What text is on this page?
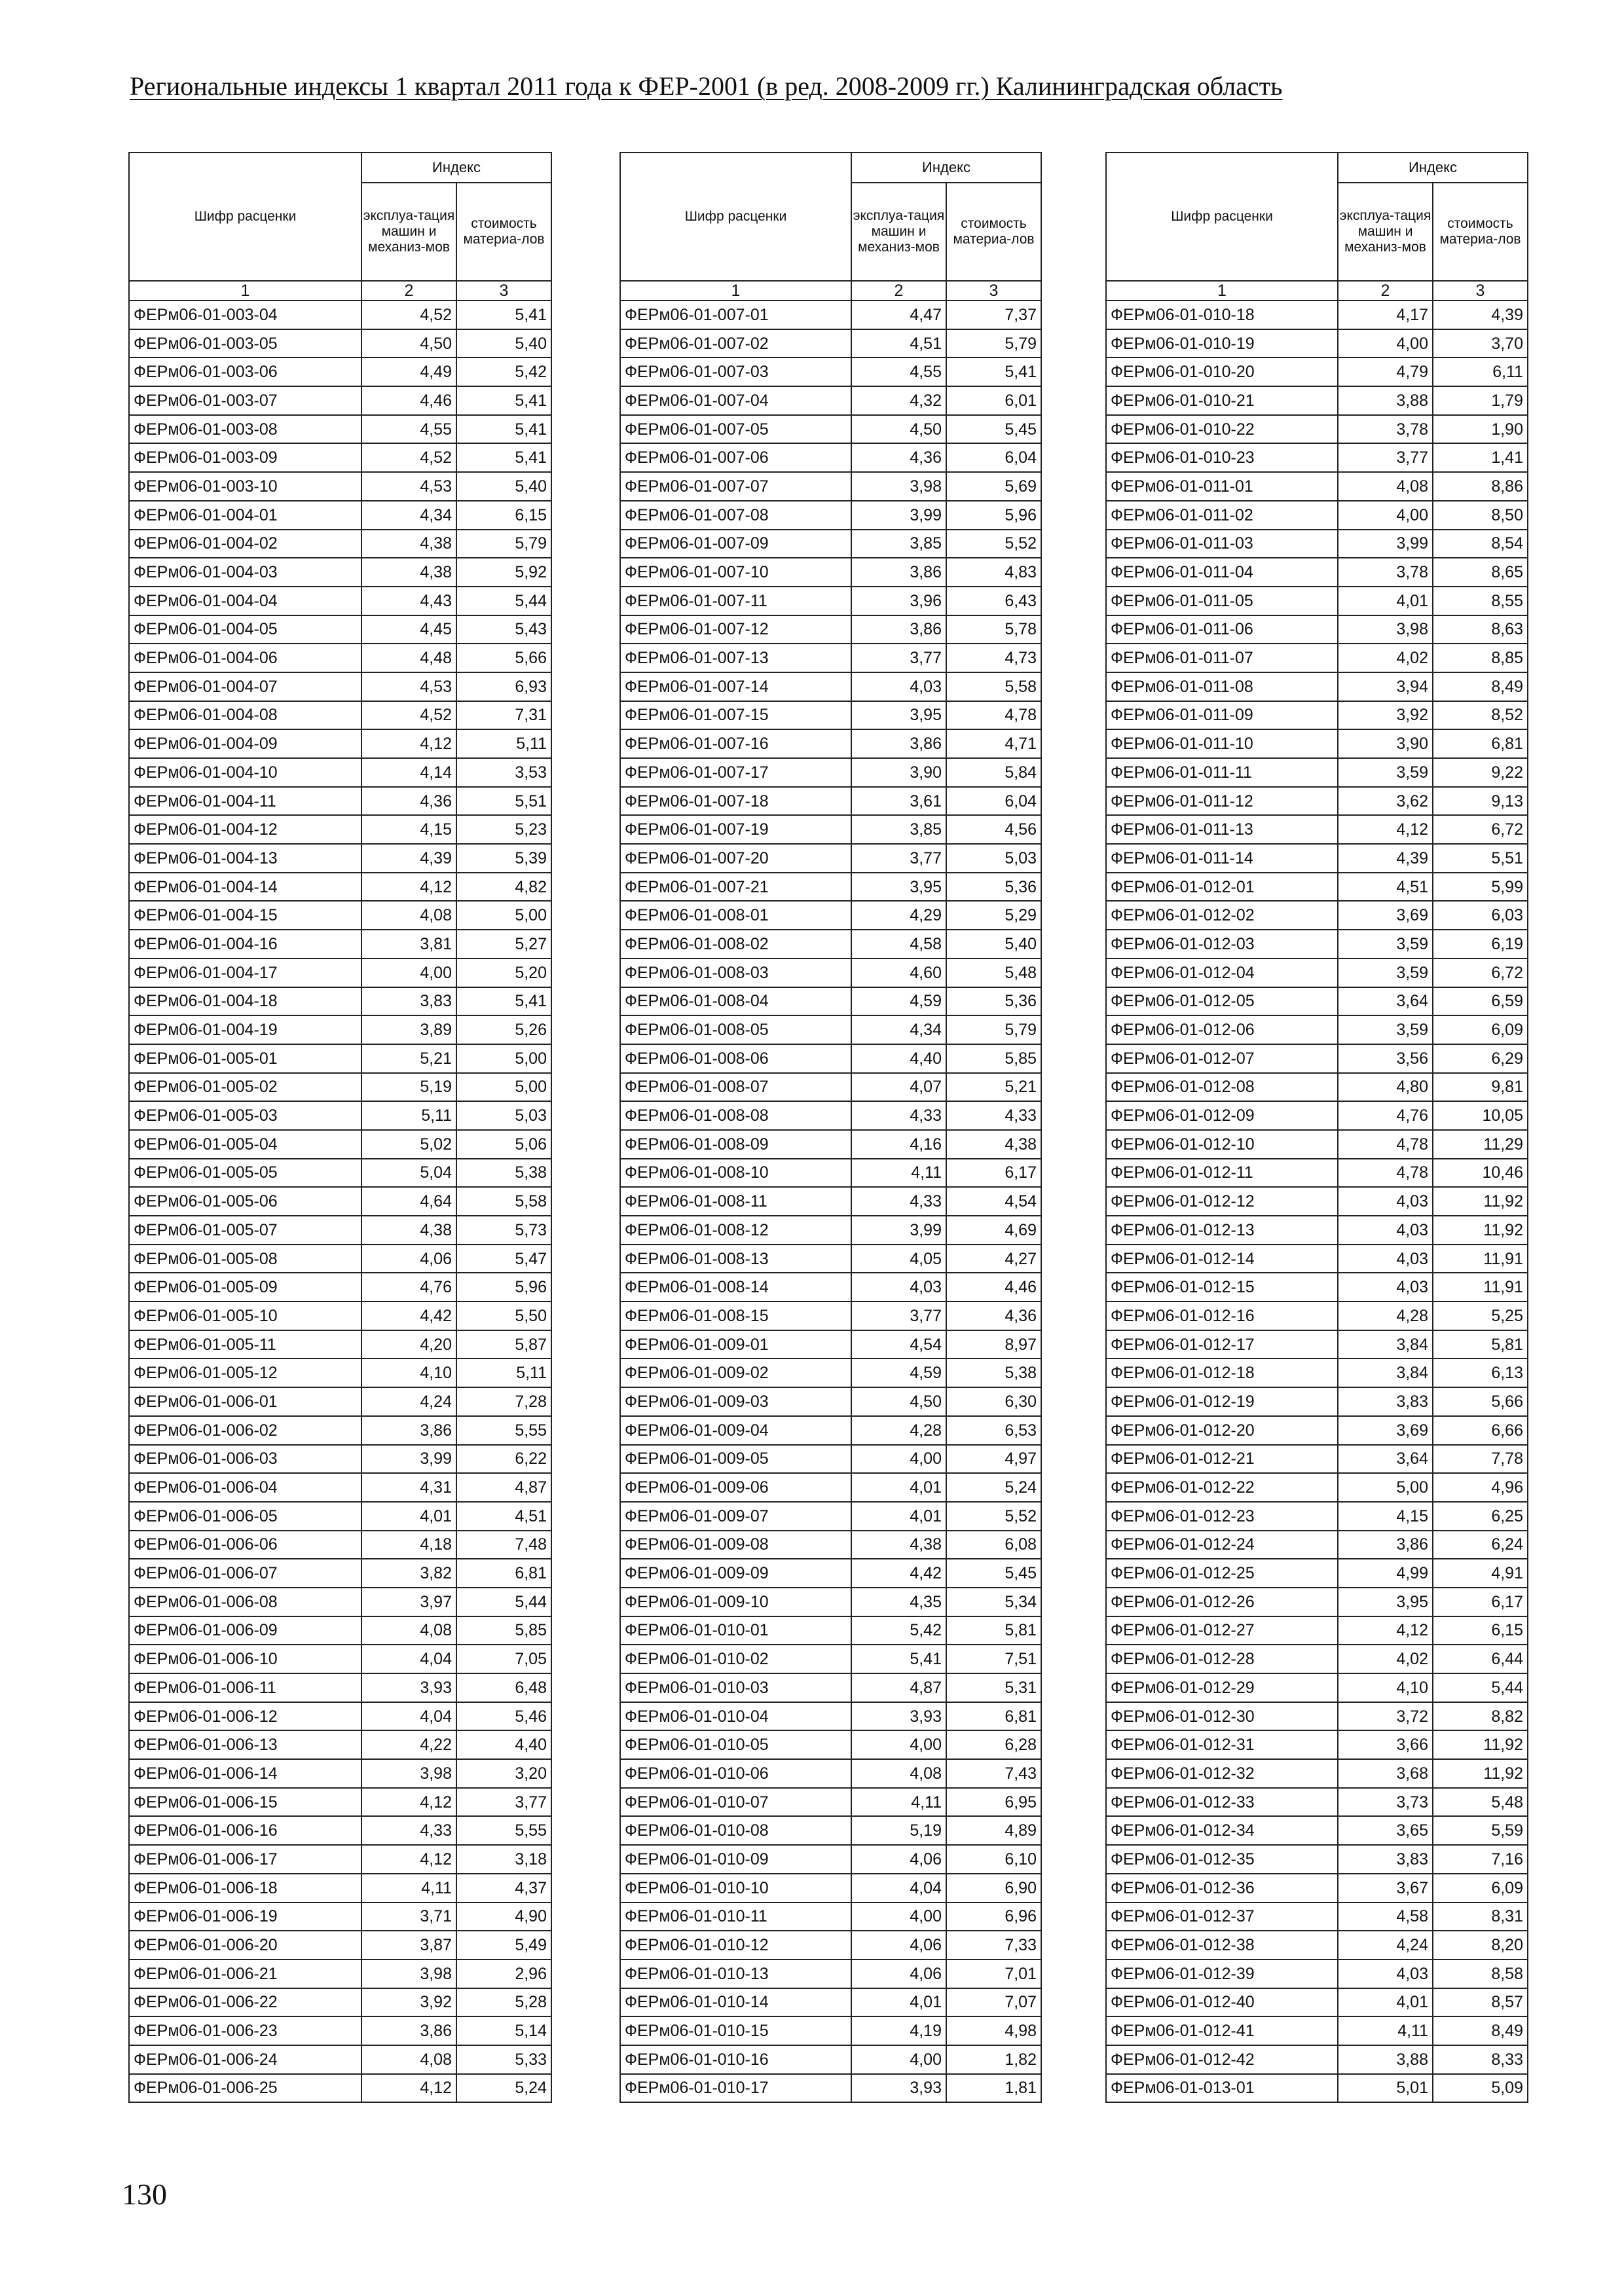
Региональные индексы 1 квартал 2011 года к ФЕР-2001 (в ред. 2008-2009 гг.) Калининградская область
Шифр расценки	Индекс	
	эксплуа-тация машин и механиз-мов	стоимость материа-лов
1	2	3
ФЕРм06-01-003-04	4,52	5,41
ФЕРм06-01-003-05	4,50	5,40
ФЕРм06-01-003-06	4,49	5,42
ФЕРм06-01-003-07	4,46	5,41
ФЕРм06-01-003-08	4,55	5,41
ФЕРм06-01-003-09	4,52	5,41
ФЕРм06-01-003-10	4,53	5,40
ФЕРм06-01-004-01	4,34	6,15
ФЕРм06-01-004-02	4,38	5,79
ФЕРм06-01-004-03	4,38	5,92
ФЕРм06-01-004-04	4,43	5,44
ФЕРм06-01-004-05	4,45	5,43
ФЕРм06-01-004-06	4,48	5,66
ФЕРм06-01-004-07	4,53	6,93
ФЕРм06-01-004-08	4,52	7,31
ФЕРм06-01-004-09	4,12	5,11
ФЕРм06-01-004-10	4,14	3,53
ФЕРм06-01-004-11	4,36	5,51
ФЕРм06-01-004-12	4,15	5,23
ФЕРм06-01-004-13	4,39	5,39
ФЕРм06-01-004-14	4,12	4,82
ФЕРм06-01-004-15	4,08	5,00
ФЕРм06-01-004-16	3,81	5,27
ФЕРм06-01-004-17	4,00	5,20
ФЕРм06-01-004-18	3,83	5,41
ФЕРм06-01-004-19	3,89	5,26
ФЕРм06-01-005-01	5,21	5,00
ФЕРм06-01-005-02	5,19	5,00
ФЕРм06-01-005-03	5,11	5,03
ФЕРм06-01-005-04	5,02	5,06
ФЕРм06-01-005-05	5,04	5,38
ФЕРм06-01-005-06	4,64	5,58
ФЕРм06-01-005-07	4,38	5,73
ФЕРм06-01-005-08	4,06	5,47
ФЕРм06-01-005-09	4,76	5,96
ФЕРм06-01-005-10	4,42	5,50
ФЕРм06-01-005-11	4,20	5,87
ФЕРм06-01-005-12	4,10	5,11
ФЕРм06-01-006-01	4,24	7,28
ФЕРм06-01-006-02	3,86	5,55
ФЕРм06-01-006-03	3,99	6,22
ФЕРм06-01-006-04	4,31	4,87
ФЕРм06-01-006-05	4,01	4,51
ФЕРм06-01-006-06	4,18	7,48
ФЕРм06-01-006-07	3,82	6,81
ФЕРм06-01-006-08	3,97	5,44
ФЕРм06-01-006-09	4,08	5,85
ФЕРм06-01-006-10	4,04	7,05
ФЕРм06-01-006-11	3,93	6,48
ФЕРм06-01-006-12	4,04	5,46
ФЕРм06-01-006-13	4,22	4,40
ФЕРм06-01-006-14	3,98	3,20
ФЕРм06-01-006-15	4,12	3,77
ФЕРм06-01-006-16	4,33	5,55
ФЕРм06-01-006-17	4,12	3,18
ФЕРм06-01-006-18	4,11	4,37
ФЕРм06-01-006-19	3,71	4,90
ФЕРм06-01-006-20	3,87	5,49
ФЕРм06-01-006-21	3,98	2,96
ФЕРм06-01-006-22	3,92	5,28
ФЕРм06-01-006-23	3,86	5,14
ФЕРм06-01-006-24	4,08	5,33
ФЕРм06-01-006-25	4,12	5,24
Шифр расценки	Индекс	
	эксплуа-тация машин и механиз-мов	стоимость материа-лов
1	2	3
ФЕРм06-01-007-01	4,47	7,37
ФЕРм06-01-007-02	4,51	5,79
ФЕРм06-01-007-03	4,55	5,41
ФЕРм06-01-007-04	4,32	6,01
ФЕРм06-01-007-05	4,50	5,45
ФЕРм06-01-007-06	4,36	6,04
ФЕРм06-01-007-07	3,98	5,69
ФЕРм06-01-007-08	3,99	5,96
ФЕРм06-01-007-09	3,85	5,52
ФЕРм06-01-007-10	3,86	4,83
ФЕРм06-01-007-11	3,96	6,43
ФЕРм06-01-007-12	3,86	5,78
ФЕРм06-01-007-13	3,77	4,73
ФЕРм06-01-007-14	4,03	5,58
ФЕРм06-01-007-15	3,95	4,78
ФЕРм06-01-007-16	3,86	4,71
ФЕРм06-01-007-17	3,90	5,84
ФЕРм06-01-007-18	3,61	6,04
ФЕРм06-01-007-19	3,85	4,56
ФЕРм06-01-007-20	3,77	5,03
ФЕРм06-01-007-21	3,95	5,36
ФЕРм06-01-008-01	4,29	5,29
ФЕРм06-01-008-02	4,58	5,40
ФЕРм06-01-008-03	4,60	5,48
ФЕРм06-01-008-04	4,59	5,36
ФЕРм06-01-008-05	4,34	5,79
ФЕРм06-01-008-06	4,40	5,85
ФЕРм06-01-008-07	4,07	5,21
ФЕРм06-01-008-08	4,33	4,33
ФЕРм06-01-008-09	4,16	4,38
ФЕРм06-01-008-10	4,11	6,17
ФЕРм06-01-008-11	4,33	4,54
ФЕРм06-01-008-12	3,99	4,69
ФЕРм06-01-008-13	4,05	4,27
ФЕРм06-01-008-14	4,03	4,46
ФЕРм06-01-008-15	3,77	4,36
ФЕРм06-01-009-01	4,54	8,97
ФЕРм06-01-009-02	4,59	5,38
ФЕРм06-01-009-03	4,50	6,30
ФЕРм06-01-009-04	4,28	6,53
ФЕРм06-01-009-05	4,00	4,97
ФЕРм06-01-009-06	4,01	5,24
ФЕРм06-01-009-07	4,01	5,52
ФЕРм06-01-009-08	4,38	6,08
ФЕРм06-01-009-09	4,42	5,45
ФЕРм06-01-009-10	4,35	5,34
ФЕРм06-01-010-01	5,42	5,81
ФЕРм06-01-010-02	5,41	7,51
ФЕРм06-01-010-03	4,87	5,31
ФЕРм06-01-010-04	3,93	6,81
ФЕРм06-01-010-05	4,00	6,28
ФЕРм06-01-010-06	4,08	7,43
ФЕРм06-01-010-07	4,11	6,95
ФЕРм06-01-010-08	5,19	4,89
ФЕРм06-01-010-09	4,06	6,10
ФЕРм06-01-010-10	4,04	6,90
ФЕРм06-01-010-11	4,00	6,96
ФЕРм06-01-010-12	4,06	7,33
ФЕРм06-01-010-13	4,06	7,01
ФЕРм06-01-010-14	4,01	7,07
ФЕРм06-01-010-15	4,19	4,98
ФЕРм06-01-010-16	4,00	1,82
ФЕРм06-01-010-17	3,93	1,81
Шифр расценки	Индекс	
	эксплуа-тация машин и механиз-мов	стоимость материа-лов
1	2	3
ФЕРм06-01-010-18	4,17	4,39
ФЕРм06-01-010-19	4,00	3,70
ФЕРм06-01-010-20	4,79	6,11
ФЕРм06-01-010-21	3,88	1,79
ФЕРм06-01-010-22	3,78	1,90
ФЕРм06-01-010-23	3,77	1,41
ФЕРм06-01-011-01	4,08	8,86
ФЕРм06-01-011-02	4,00	8,50
ФЕРм06-01-011-03	3,99	8,54
ФЕРм06-01-011-04	3,78	8,65
ФЕРм06-01-011-05	4,01	8,55
ФЕРм06-01-011-06	3,98	8,63
ФЕРм06-01-011-07	4,02	8,85
ФЕРм06-01-011-08	3,94	8,49
ФЕРм06-01-011-09	3,92	8,52
ФЕРм06-01-011-10	3,90	6,81
ФЕРм06-01-011-11	3,59	9,22
ФЕРм06-01-011-12	3,62	9,13
ФЕРм06-01-011-13	4,12	6,72
ФЕРм06-01-011-14	4,39	5,51
ФЕРм06-01-012-01	4,51	5,99
ФЕРм06-01-012-02	3,69	6,03
ФЕРм06-01-012-03	3,59	6,19
ФЕРм06-01-012-04	3,59	6,72
ФЕРм06-01-012-05	3,64	6,59
ФЕРм06-01-012-06	3,59	6,09
ФЕРм06-01-012-07	3,56	6,29
ФЕРм06-01-012-08	4,80	9,81
ФЕРм06-01-012-09	4,76	10,05
ФЕРм06-01-012-10	4,78	11,29
ФЕРм06-01-012-11	4,78	10,46
ФЕРм06-01-012-12	4,03	11,92
ФЕРм06-01-012-13	4,03	11,92
ФЕРм06-01-012-14	4,03	11,91
ФЕРм06-01-012-15	4,03	11,91
ФЕРм06-01-012-16	4,28	5,25
ФЕРм06-01-012-17	3,84	5,81
ФЕРм06-01-012-18	3,84	6,13
ФЕРм06-01-012-19	3,83	5,66
ФЕРм06-01-012-20	3,69	6,66
ФЕРм06-01-012-21	3,64	7,78
ФЕРм06-01-012-22	5,00	4,96
ФЕРм06-01-012-23	4,15	6,25
ФЕРм06-01-012-24	3,86	6,24
ФЕРм06-01-012-25	4,99	4,91
ФЕРм06-01-012-26	3,95	6,17
ФЕРм06-01-012-27	4,12	6,15
ФЕРм06-01-012-28	4,02	6,44
ФЕРм06-01-012-29	4,10	5,44
ФЕРм06-01-012-30	3,72	8,82
ФЕРм06-01-012-31	3,66	11,92
ФЕРм06-01-012-32	3,68	11,92
ФЕРм06-01-012-33	3,73	5,48
ФЕРм06-01-012-34	3,65	5,59
ФЕРм06-01-012-35	3,83	7,16
ФЕРм06-01-012-36	3,67	6,09
ФЕРм06-01-012-37	4,58	8,31
ФЕРм06-01-012-38	4,24	8,20
ФЕРм06-01-012-39	4,03	8,58
ФЕРм06-01-012-40	4,01	8,57
ФЕРм06-01-012-41	4,11	8,49
ФЕРм06-01-012-42	3,88	8,33
ФЕРм06-01-013-01	5,01	5,09
130
